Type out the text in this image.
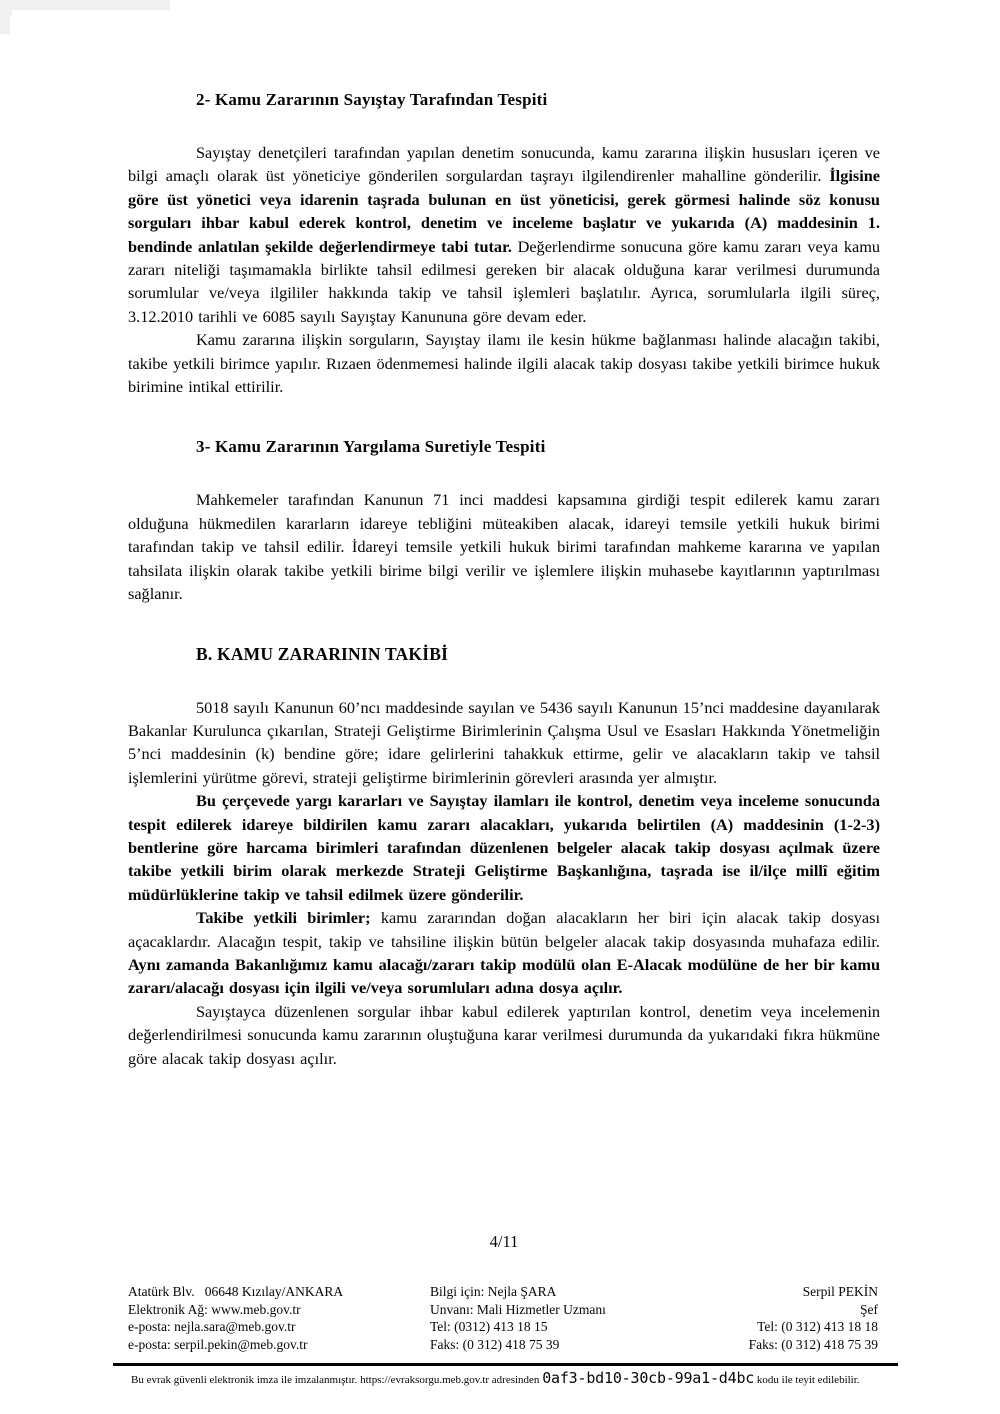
2- Kamu Zararının Sayıştay Tarafından Tespiti

Sayıştay denetçileri tarafından yapılan denetim sonucunda, kamu zararına ilişkin hususları içeren ve bilgi amaçlı olarak üst yöneticiye gönderilen sorgulardan taşrayı ilgilendirenler mahalline gönderilir. İlgisine göre üst yönetici veya idarenin taşrada bulunan en üst yöneticisi, gerek görmesi halinde söz konusu sorguları ihbar kabul ederek kontrol, denetim ve inceleme başlatır ve yukarıda (A) maddesinin 1. bendinde anlatılan şekilde değerlendirmeye tabi tutar. Değerlendirme sonucuna göre kamu zararı veya kamu zararı niteliği taşımamakla birlikte tahsil edilmesi gereken bir alacak olduğuna karar verilmesi durumunda sorumlular ve/veya ilgililer hakkında takip ve tahsil işlemleri başlatılır. Ayrıca, sorumlularla ilgili süreç, 3.12.2010 tarihli ve 6085 sayılı Sayıştay Kanununa göre devam eder.

Kamu zararına ilişkin sorguların, Sayıştay ilamı ile kesin hükme bağlanması halinde alacağın takibi, takibe yetkili birimce yapılır. Rızaen ödenmemesi halinde ilgili alacak takip dosyası takibe yetkili birimce hukuk birimine intikal ettirilir.

3- Kamu Zararının Yargılama Suretiyle Tespiti

Mahkemeler tarafından Kanunun 71 inci maddesi kapsamına girdiği tespit edilerek kamu zararı olduğuna hükmedilen kararların idareye tebliğini müteakiben alacak, idareyi temsile yetkili hukuk birimi tarafından takip ve tahsil edilir. İdareyi temsile yetkili hukuk birimi tarafından mahkeme kararına ve yapılan tahsilata ilişkin olarak takibe yetkili birime bilgi verilir ve işlemlere ilişkin muhasebe kayıtlarının yaptırılması sağlanır.

B. KAMU ZARARININ TAKİBİ

5018 sayılı Kanunun 60’ncı maddesinde sayılan ve 5436 sayılı Kanunun 15’nci maddesine dayanılarak Bakanlar Kurulunca çıkarılan, Strateji Geliştirme Birimlerinin Çalışma Usul ve Esasları Hakkında Yönetmeliğin 5’nci maddesinin (k) bendine göre; idare gelirlerini tahakkuk ettirme, gelir ve alacakların takip ve tahsil işlemlerini yürütme görevi, strateji geliştirme birimlerinin görevleri arasında yer almıştır.

Bu çerçevede yargı kararları ve Sayıştay ilamları ile kontrol, denetim veya inceleme sonucunda tespit edilerek idareye bildirilen kamu zararı alacakları, yukarıda belirtilen (A) maddesinin (1-2-3) bentlerine göre harcama birimleri tarafından düzenlenen belgeler alacak takip dosyası açılmak üzere takibe yetkili birim olarak merkezde Strateji Geliştirme Başkanlığına, taşrada ise il/ilçe millî eğitim müdürlüklerine takip ve tahsil edilmek üzere gönderilir.

Takibe yetkili birimler; kamu zararından doğan alacakların her biri için alacak takip dosyası açacaklardır. Alacağın tespit, takip ve tahsiline ilişkin bütün belgeler alacak takip dosyasında muhafaza edilir. Aynı zamanda Bakanlığımız kamu alacağı/zararı takip modülü olan E-Alacak modülüne de her bir kamu zararı/alacağı dosyası için ilgili ve/veya sorumluları adına dosya açılır.

Sayıştayca düzenlenen sorgular ihbar kabul edilerek yaptırılan kontrol, denetim veya incelemenin değerlendirilmesi sonucunda kamu zararının oluştuğuna karar verilmesi durumunda da yukarıdaki fıkra hükmüne göre alacak takip dosyası açılır.

4/11
Atatürk Blv.   06648 Kızılay/ANKARA
Elektronik Ağ: www.meb.gov.tr
e-posta: nejla.sara@meb.gov.tr
e-posta: serpil.pekin@meb.gov.tr
Bilgi için: Nejla ŞARA
Unvanı: Mali Hizmetler Uzmanı
Tel: (0312) 413 18 15
Faks: (0 312) 418 75 39
Serpil PEKİN
Şef
Tel: (0 312) 413 18 18
Faks: (0 312) 418 75 39
Bu evrak güvenli elektronik imza ile imzalanmıştır. https://evraksorgu.meb.gov.tr adresinden 0af3-bd10-30cb-99a1-d4bc kodu ile teyit edilebilir.
